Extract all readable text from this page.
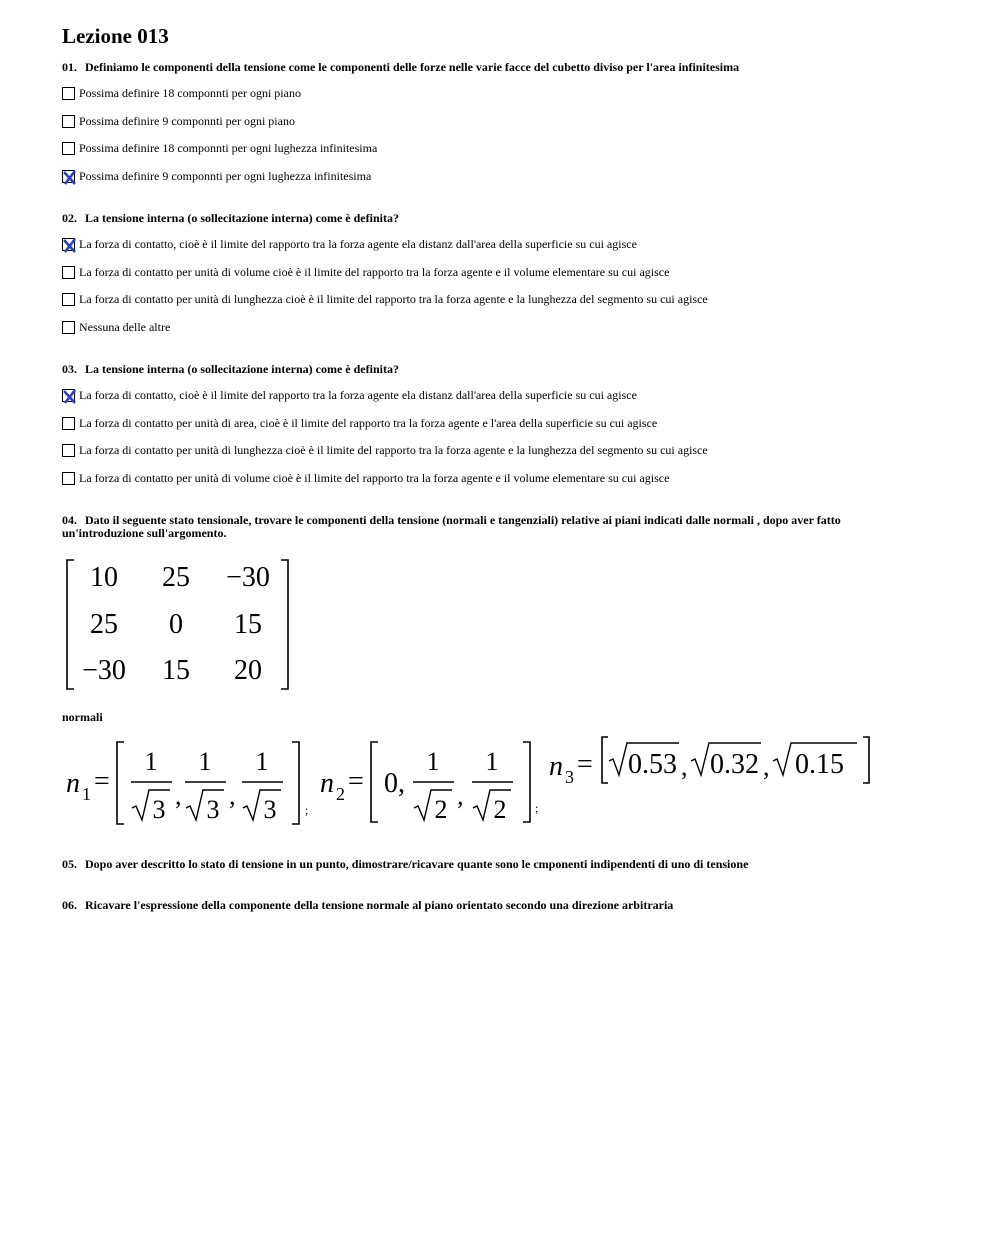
Lezione 013
01. Definiamo le componenti della tensione come le componenti delle forze nelle varie facce del cubetto diviso per l'area infinitesima
Possima definire 18 componnti per ogni piano
Possima definire 9 componnti per ogni piano
Possima definire 18 componnti per ogni lughezza infinitesima
Possima definire 9 componnti per ogni lughezza infinitesima
02. La tensione interna (o sollecitazione interna) come è definita?
La forza di contatto, cioè è il limite del rapporto tra la forza agente ela distanz dall'area della superficie su cui agisce
La forza di contatto per unità di volume cioè è il limite del rapporto tra la forza agente e il volume elementare su cui agisce
La forza di contatto per unità di lunghezza cioè è il limite del rapporto tra la forza agente e la lunghezza del segmento su cui agisce
Nessuna delle altre
03. La tensione interna (o sollecitazione interna) come è definita?
La forza di contatto, cioè è il limite del rapporto tra la forza agente ela distanz dall'area della superficie su cui agisce
La forza di contatto per unità di area, cioè è il limite del rapporto tra la forza agente e l'area della superficie su cui agisce
La forza di contatto per unità di lunghezza cioè è il limite del rapporto tra la forza agente e la lunghezza del segmento su cui agisce
La forza di contatto per unità di volume cioè è il limite del rapporto tra la forza agente e il volume elementare su cui agisce
04. Dato il seguente stato tensionale, trovare le componenti della tensione (normali e tangenziali) relative ai piani indicati dalle normali , dopo aver fatto un'introduzione sull'argomento.
10 25 −30
25 0 15
−30 15 20
normali
n 1 =
1
3 ,
1
3 ,
1
3 ;
n 2 = 0,
1
2 ,
1
2 ;
n 3 = 0.53 , 0.32 , 0.15
05. Dopo aver descritto lo stato di tensione in un punto, dimostrare/ricavare quante sono le cmponenti indipendenti di uno di tensione
06. Ricavare l'espressione della componente della tensione normale al piano orientato secondo una direzione arbitraria
